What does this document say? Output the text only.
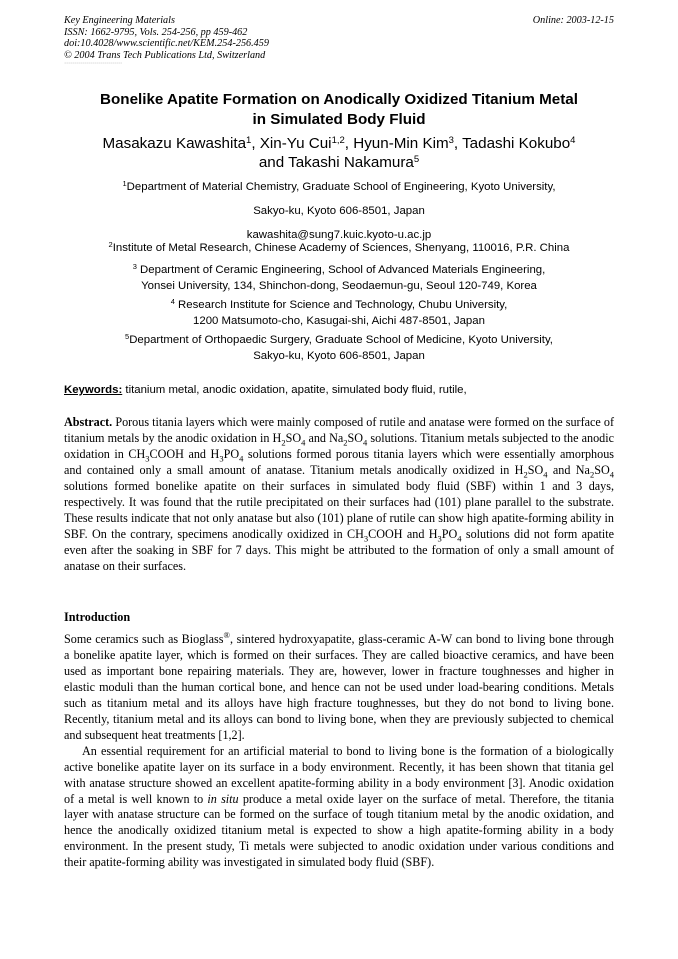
Key Engineering Materials
ISSN: 1662-9795, Vols. 254-256, pp 459-462
doi:10.4028/www.scientific.net/KEM.254-256.459
© 2004 Trans Tech Publications Ltd, Switzerland
·····························
Online: 2003-12-15
Bonelike Apatite Formation on Anodically Oxidized Titanium Metal
in Simulated Body Fluid
Masakazu Kawashita$^1$, Xin-Yu Cui$^{1,2}$, Hyun-Min Kim$^3$, Tadashi Kokubo$^4$
and Takashi Nakamura$^5$
$^1$Department of Material Chemistry, Graduate School of Engineering, Kyoto University,
Sakyo-ku, Kyoto 606-8501, Japan
kawashita@sung7.kuic.kyoto-u.ac.jp
$^2$Institute of Metal Research, Chinese Academy of Sciences, Shenyang, 110016, P.R. China
$^3$ Department of Ceramic Engineering, School of Advanced Materials Engineering,
Yonsei University, 134, Shinchon-dong, Seodaemun-gu, Seoul 120-749, Korea
$^4$ Research Institute for Science and Technology, Chubu University,
1200 Matsumoto-cho, Kasugai-shi, Aichi 487-8501, Japan
$^5$Department of Orthopaedic Surgery, Graduate School of Medicine, Kyoto University,
Sakyo-ku, Kyoto 606-8501, Japan
Keywords: titanium metal, anodic oxidation, apatite, simulated body fluid, rutile,
Abstract. Porous titania layers which were mainly composed of rutile and anatase were formed on the surface of titanium metals by the anodic oxidation in $H_2SO_4$ and $Na_2SO_4$ solutions. Titanium metals subjected to the anodic oxidation in $CH_3COOH$ and $H_3PO_4$ solutions formed porous titania layers which were essentially amorphous and contained only a small amount of anatase. Titanium metals anodically oxidized in $H_2SO_4$ and $Na_2SO_4$ solutions formed bonelike apatite on their surfaces in simulated body fluid (SBF) within 1 and 3 days, respectively. It was found that the rutile precipitated on their surfaces had (101) plane parallel to the substrate. These results indicate that not only anatase but also (101) plane of rutile can show high apatite-forming ability in SBF. On the contrary, specimens anodically oxidized in $CH_3COOH$ and $H_3PO_4$ solutions did not form apatite even after the soaking in SBF for 7 days. This might be attributed to the formation of only a small amount of anatase on their surfaces.
Introduction
Some ceramics such as Bioglass®, sintered hydroxyapatite, glass-ceramic A-W can bond to living bone through a bonelike apatite layer, which is formed on their surfaces. They are called bioactive ceramics, and have been used as important bone repairing materials. They are, however, lower in fracture toughnesses and higher in elastic moduli than the human cortical bone, and hence can not be used under load-bearing conditions. Metals such as titanium metal and its alloys have high fracture toughnesses, but they do not bond to living bone. Recently, titanium metal and its alloys can bond to living bone, when they are previously subjected to chemical and subsequent heat treatments [1,2].
An essential requirement for an artificial material to bond to living bone is the formation of a biologically active bonelike apatite layer on its surface in a body environment. Recently, it has been shown that titania gel with anatase structure showed an excellent apatite-forming ability in a body environment [3]. Anodic oxidation of a metal is well known to in situ produce a metal oxide layer on the surface of metal. Therefore, the titania layer with anatase structure can be formed on the surface of tough titanium metal by the anodic oxidation, and hence the anodically oxidized titanium metal is expected to show a high apatite-forming ability in a body environment. In the present study, Ti metals were subjected to anodic oxidation under various conditions and their apatite-forming ability was investigated in simulated body fluid (SBF).
